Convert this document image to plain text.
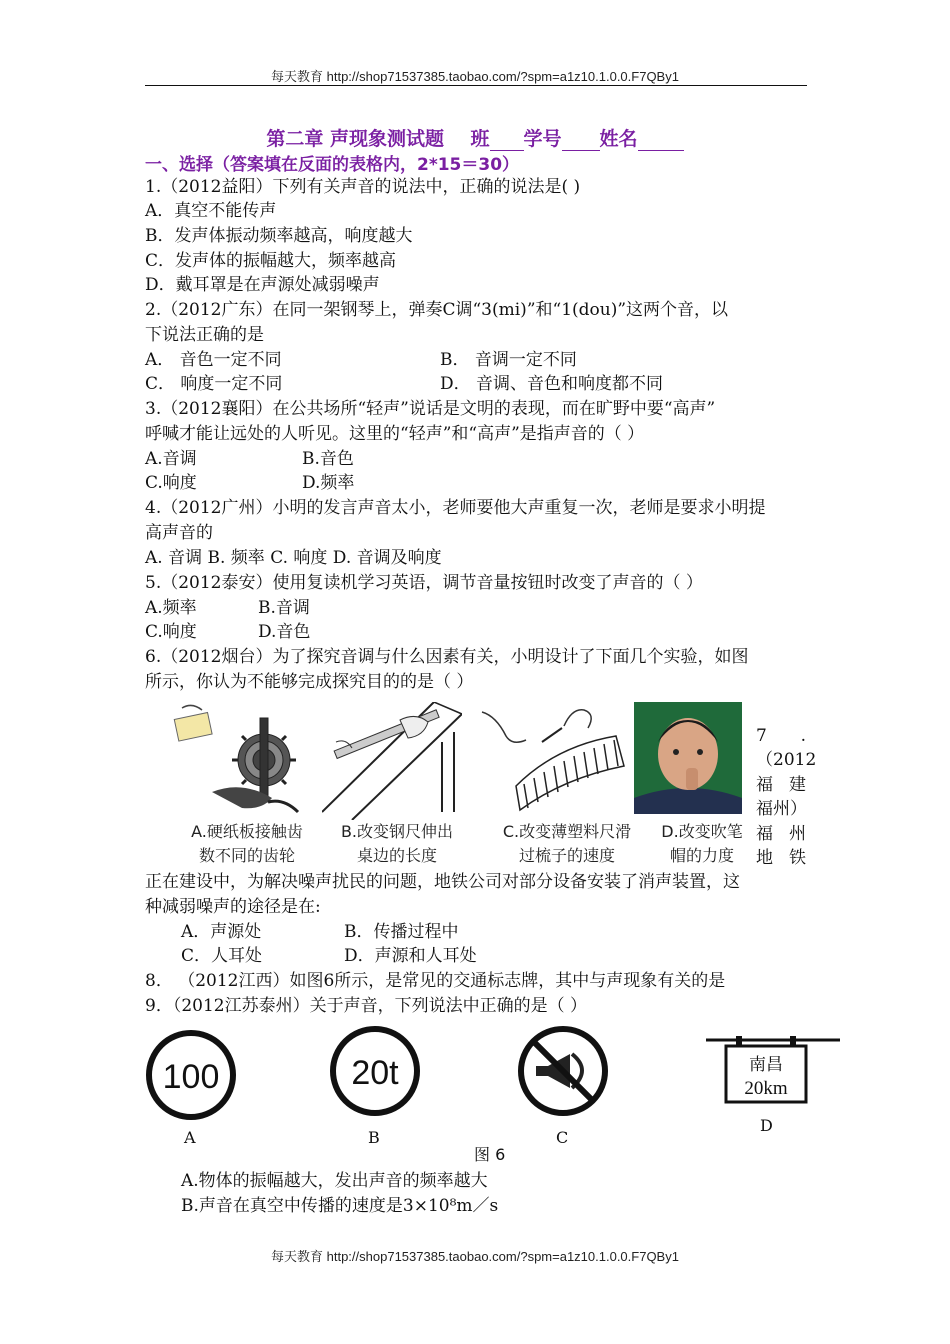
每天教育 http://shop71537385.taobao.com/?spm=a1z10.1.0.0.F7QBy1
第二章 声现象测试题 班 学号 姓名
一、选择（答案填在反面的表格内，2*15＝30）
1.（2012益阳）下列有关声音的说法中，正确的说法是( )
A．真空不能传声
B．发声体振动频率越高，响度越大
C．发声体的振幅越大，频率越高
D．戴耳罩是在声源处减弱噪声
2.（2012广东）在同一架钢琴上，弹奏C调“3(mi)”和“1(dou)”这两个音，以
下说法正确的是
A． 音色一定不同	B． 音调一定不同
C． 响度一定不同	D． 音调、音色和响度都不同
3.（2012襄阳）在公共场所“轻声”说话是文明的表现，而在旷野中要“高声”
呼喊才能让远处的人听见。这里的“轻声”和“高声”是指声音的（ ）
A.音调	B.音色
C.响度	D.频率
4.（2012广州）小明的发言声音太小，老师要他大声重复一次，老师是要求小明提
高声音的
A. 音调 B. 频率 C. 响度 D. 音调及响度
5.（2012泰安）使用复读机学习英语，调节音量按钮时改变了声音的（ ）
A.频率	B.音调
C.响度	D.音色
6.（2012烟台）为了探究音调与什么因素有关，小明设计了下面几个实验，如图
所示，你认为不能够完成探究目的的是（ ）
A.硬纸板接触齿
数不同的齿轮
B.改变钢尺伸出
桌边的长度
C.改变薄塑料尺滑
过梳子的速度
D.改变吹笔
帽的力度
7 .
（2012
福 建
福州）
福 州
地 铁
正在建设中，为解决噪声扰民的问题，地铁公司对部分设备安装了消声装置，这
种减弱噪声的途径是在:
A．声源处	B．传播过程中
C．人耳处	D．声源和人耳处
8． （2012江西）如图6所示，是常见的交通标志牌，其中与声现象有关的是
9．（2012江苏泰州）关于声音，下列说法中正确的是（ ）
100	20t	南昌
20km
A	B	C
D
图 6
A.物体的振幅越大，发出声音的频率越大
B.声音在真空中传播的速度是3×10⁸m／s
每天教育 http://shop71537385.taobao.com/?spm=a1z10.1.0.0.F7QBy1
